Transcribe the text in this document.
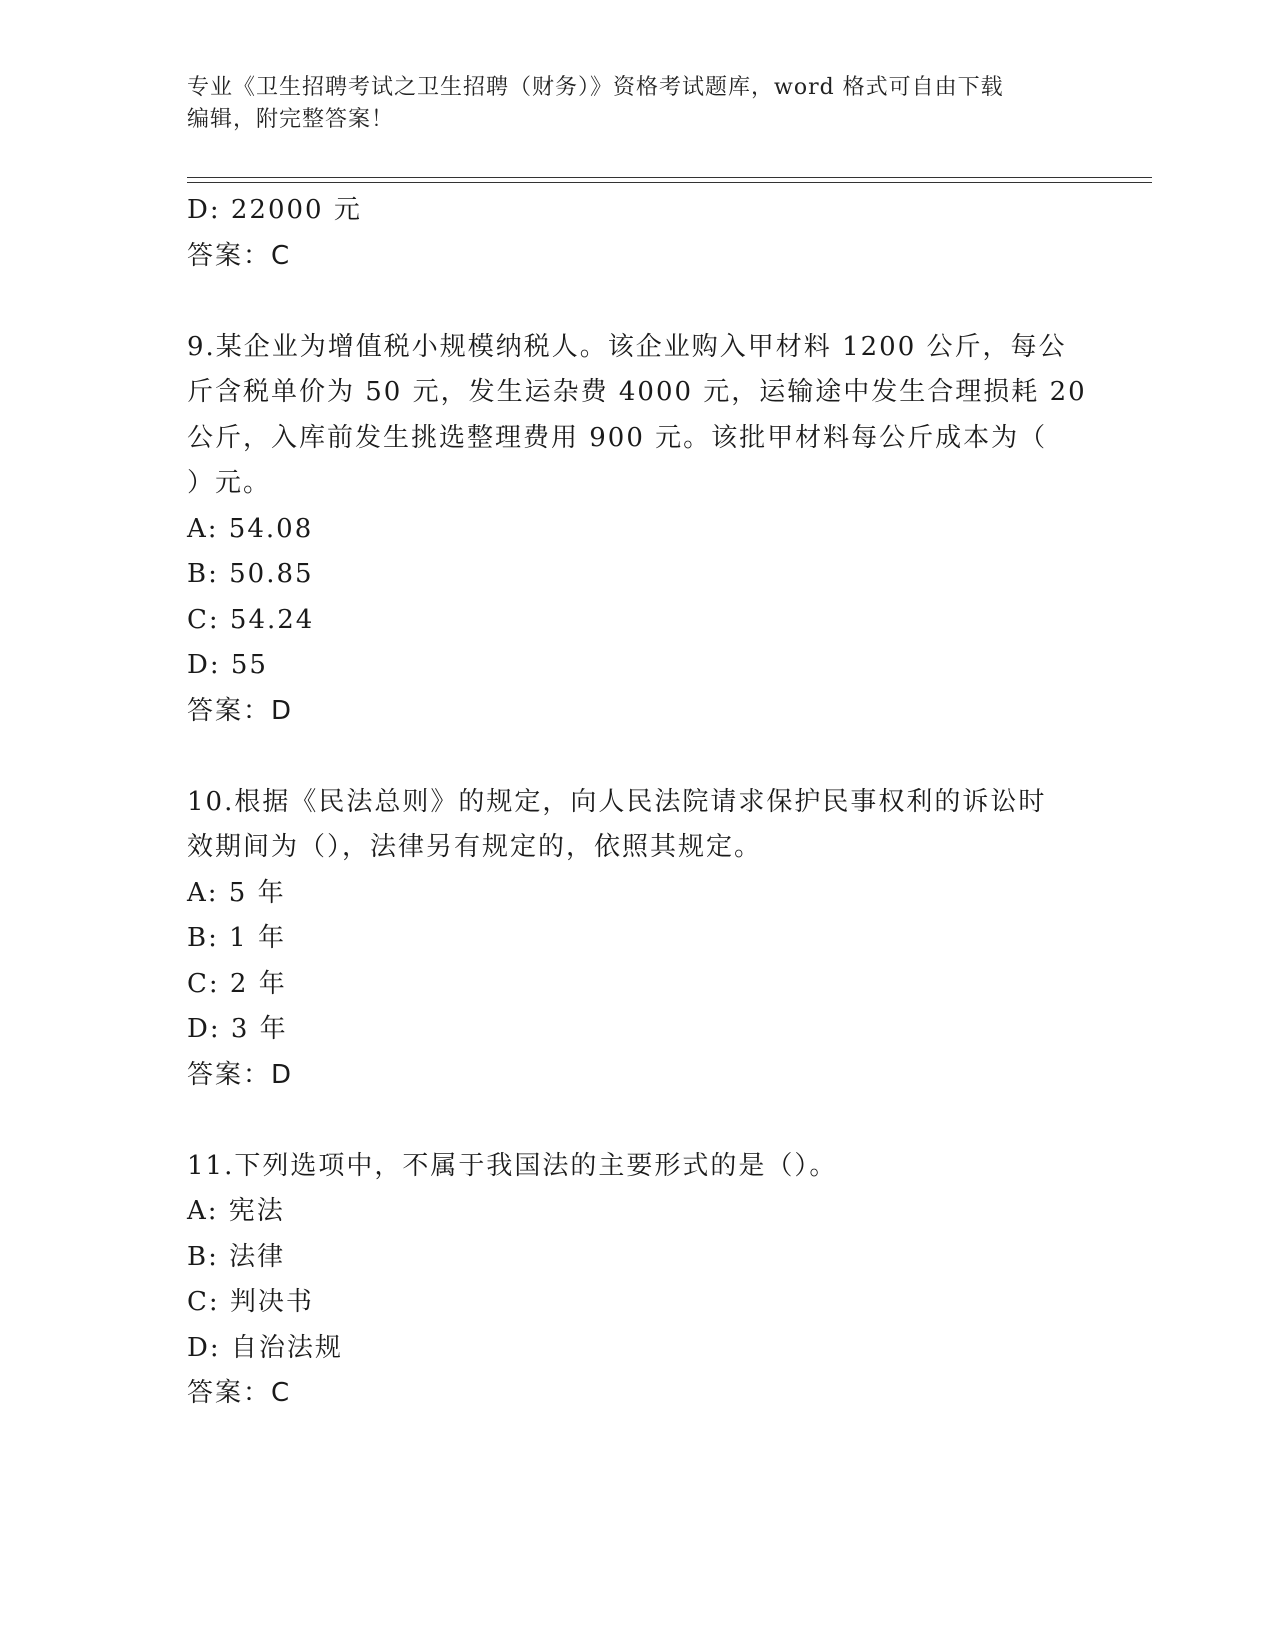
专业《卫生招聘考试之卫生招聘（财务）》资格考试题库，word 格式可自由下载
编辑，附完整答案！
D: 22000 元
答案：C
9.某企业为增值税小规模纳税人。该企业购入甲材料 1200 公斤，每公
斤含税单价为 50 元，发生运杂费 4000 元，运输途中发生合理损耗 20
公斤，入库前发生挑选整理费用 900 元。该批甲材料每公斤成本为（
）元。
A: 54.08
B: 50.85
C: 54.24
D: 55
答案：D
10.根据《民法总则》的规定，向人民法院请求保护民事权利的诉讼时
效期间为（），法律另有规定的，依照其规定。
A: 5 年
B: 1 年
C: 2 年
D: 3 年
答案：D
11.下列选项中，不属于我国法的主要形式的是（）。
A: 宪法
B: 法律
C: 判决书
D: 自治法规
答案：C
